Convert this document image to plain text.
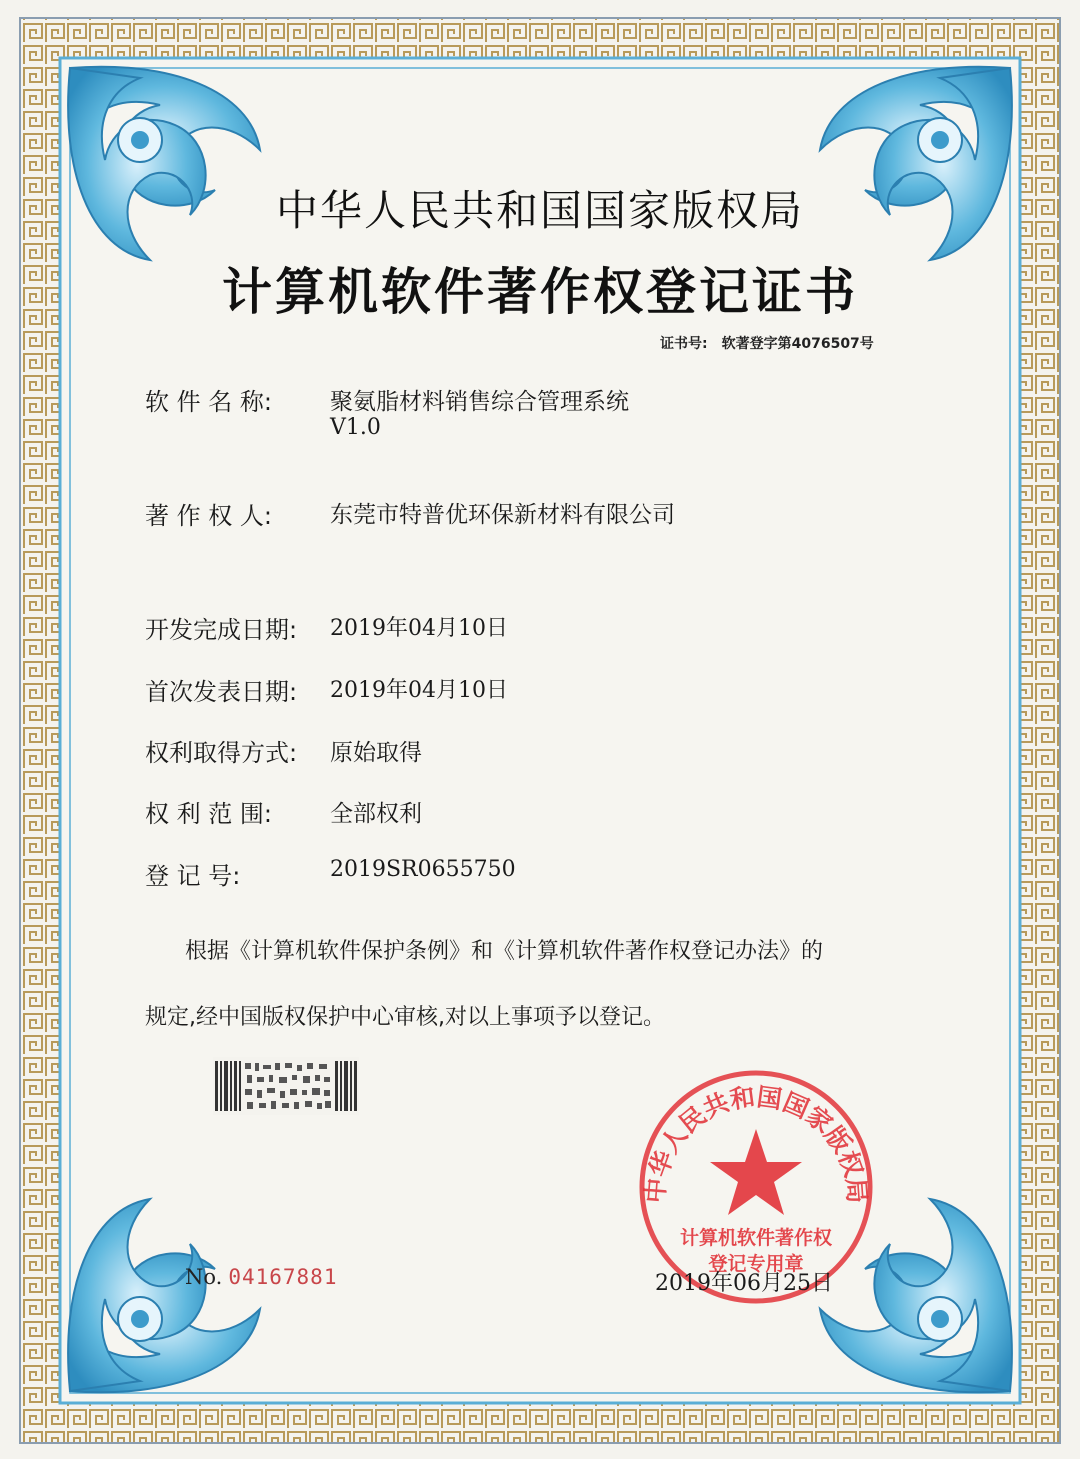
中华人民共和国国家版权局
计算机软件著作权登记证书
证书号: 软著登字第4076507号
软 件 名 称:	聚氨脂材料销售综合管理系统
V1.0
著 作 权 人:	东莞市特普优环保新材料有限公司
开发完成日期: 2019年04月10日
首次发表日期: 2019年04月10日
权利取得方式: 原始取得
权 利 范 围:	全部权利
登 记 号:	2019SR0655750
根据《计算机软件保护条例》和《计算机软件著作权登记办法》的
规定,经中国版权保护中心审核,对以上事项予以登记。
No. 04167881
中华人民共和国国家版权局
计算机软件著作权
登记专用章
2019年06月25日
